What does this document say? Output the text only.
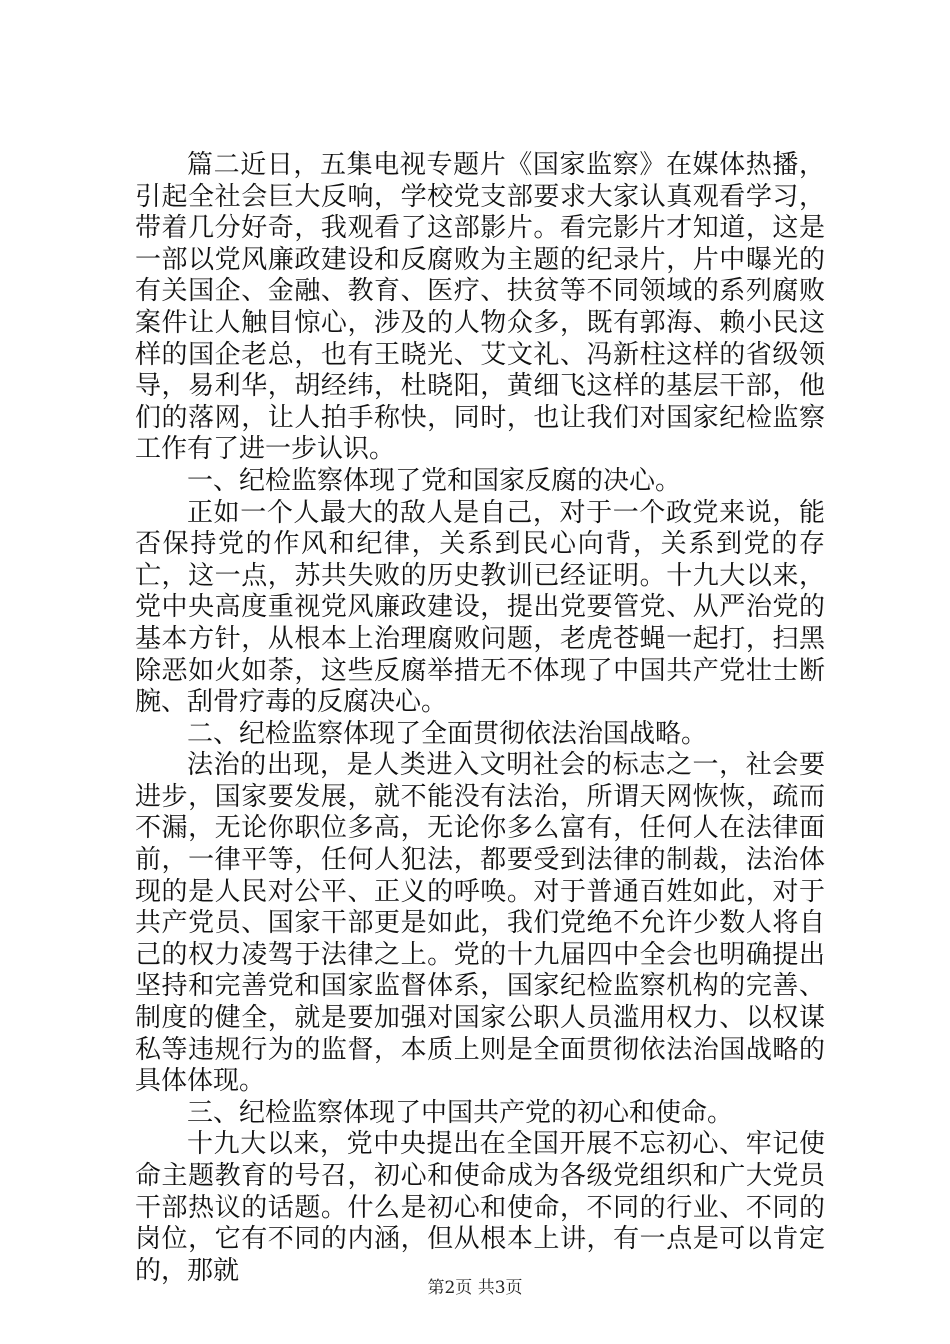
篇二近日，五集电视专题片《国家监察》在媒体热播，引起全社会巨大反响，学校党支部要求大家认真观看学习，带着几分好奇，我观看了这部影片。看完影片才知道，这是一部以党风廉政建设和反腐败为主题的纪录片，片中曝光的有关国企、金融、教育、医疗、扶贫等不同领域的系列腐败案件让人触目惊心，涉及的人物众多，既有郭海、赖小民这样的国企老总，也有王晓光、艾文礼、冯新柱这样的省级领导，易利华，胡经纬，杜晓阳，黄细飞这样的基层干部，他们的落网，让人拍手称快，同时，也让我们对国家纪检监察工作有了进一步认识。

一、纪检监察体现了党和国家反腐的决心。

正如一个人最大的敌人是自己，对于一个政党来说，能否保持党的作风和纪律，关系到民心向背，关系到党的存亡，这一点，苏共失败的历史教训已经证明。十九大以来，党中央高度重视党风廉政建设，提出党要管党、从严治党的基本方针，从根本上治理腐败问题，老虎苍蝇一起打，扫黑除恶如火如荼，这些反腐举措无不体现了中国共产党壮士断腕、刮骨疗毒的反腐决心。

二、纪检监察体现了全面贯彻依法治国战略。

法治的出现，是人类进入文明社会的标志之一，社会要进步，国家要发展，就不能没有法治，所谓天网恢恢，疏而不漏，无论你职位多高，无论你多么富有，任何人在法律面前，一律平等，任何人犯法，都要受到法律的制裁，法治体现的是人民对公平、正义的呼唤。对于普通百姓如此，对于共产党员、国家干部更是如此，我们党绝不允许少数人将自己的权力凌驾于法律之上。党的十九届四中全会也明确提出坚持和完善党和国家监督体系，国家纪检监察机构的完善、制度的健全，就是要加强对国家公职人员滥用权力、以权谋私等违规行为的监督，本质上则是全面贯彻依法治国战略的具体体现。

三、纪检监察体现了中国共产党的初心和使命。

十九大以来，党中央提出在全国开展不忘初心、牢记使命主题教育的号召，初心和使命成为各级党组织和广大党员干部热议的话题。什么是初心和使命，不同的行业、不同的岗位，它有不同的内涵，但从根本上讲，有一点是可以肯定的，那就

第2页 共3页
